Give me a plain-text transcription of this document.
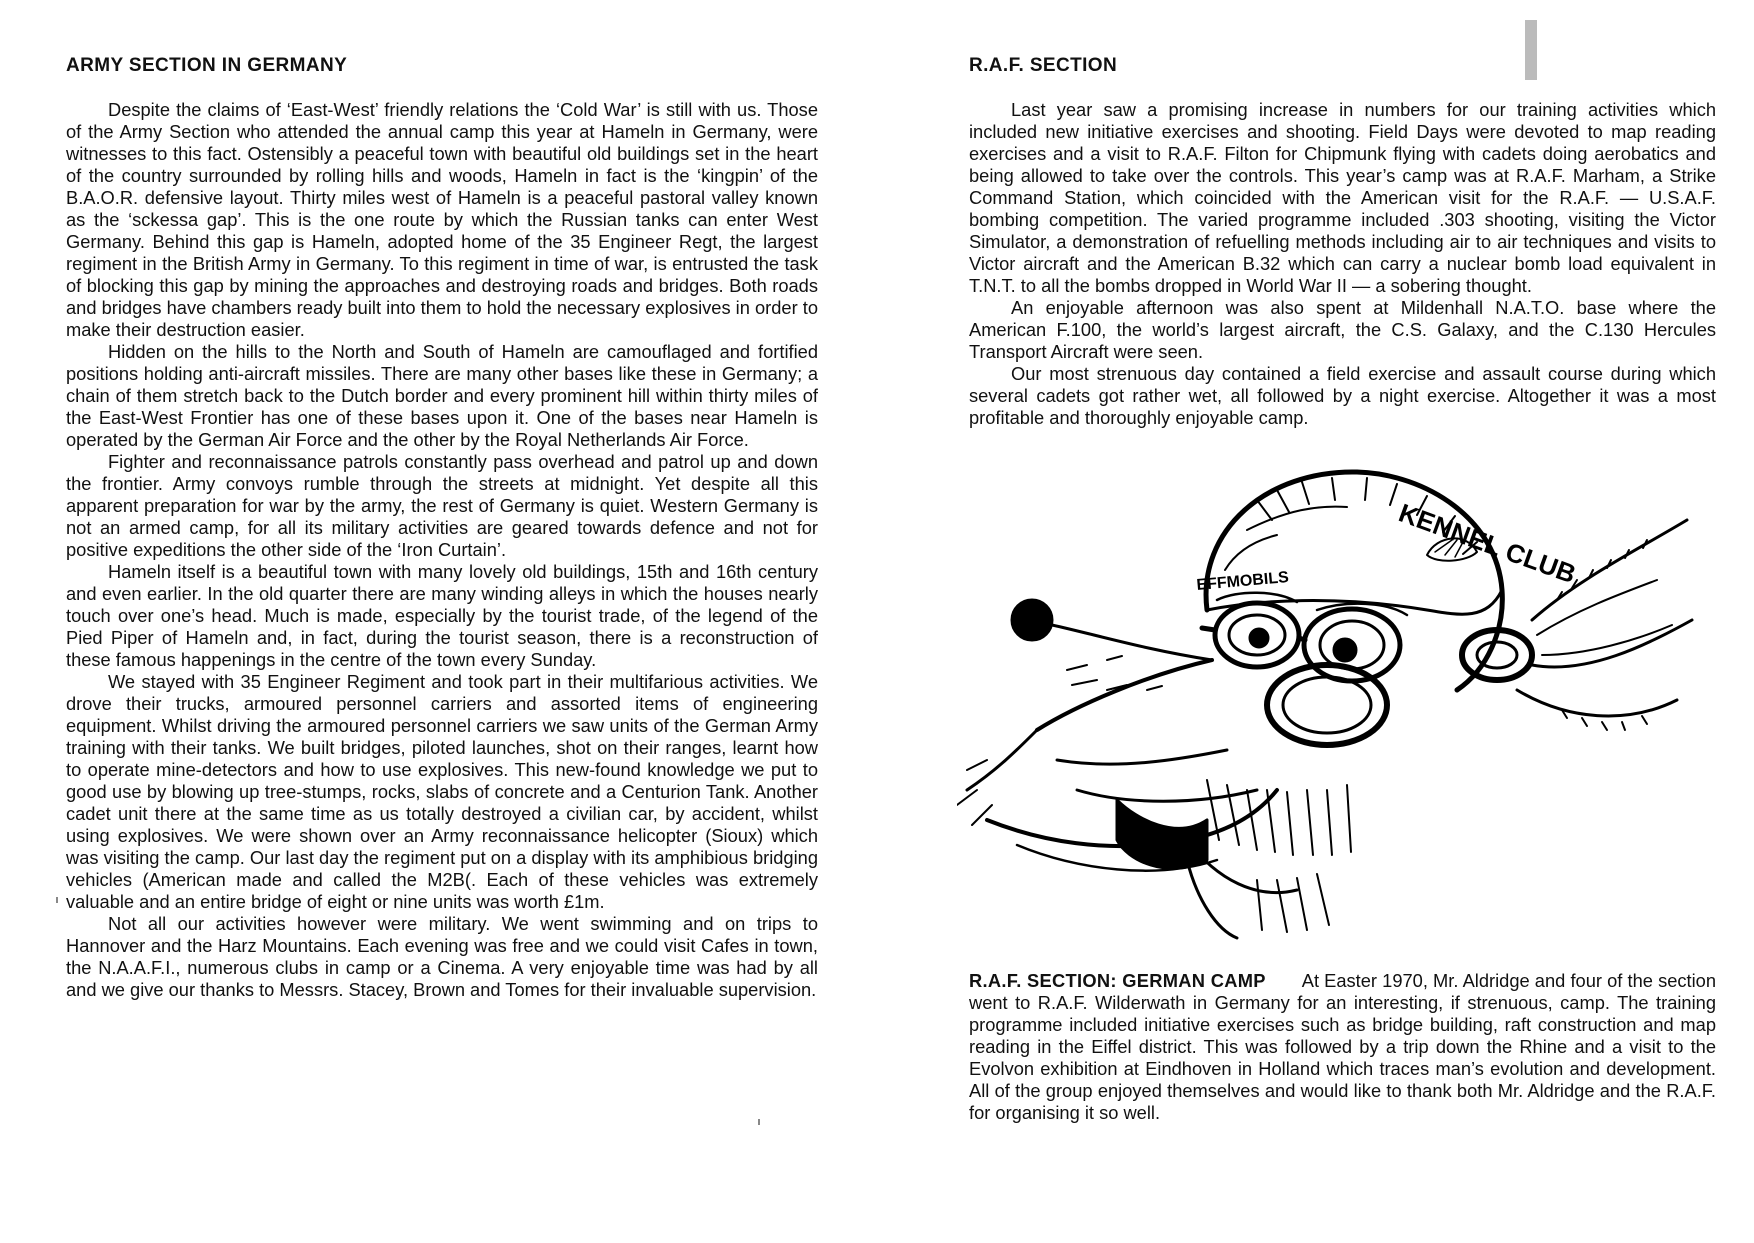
ARMY SECTION IN GERMANY

Despite the claims of ‘East-West’ friendly relations the ‘Cold War’ is still with us. Those of the Army Section who attended the annual camp this year at Hameln in Germany, were witnesses to this fact. Ostensibly a peaceful town with beautiful old buildings set in the heart of the country surrounded by rolling hills and woods, Hameln in fact is the ‘kingpin’ of the B.A.O.R. defensive layout. Thirty miles west of Hameln is a peaceful pastoral valley known as the ‘sckessa gap’. This is the one route by which the Russian tanks can enter West Germany. Behind this gap is Hameln, adopted home of the 35 Engineer Regt, the largest regiment in the British Army in Germany. To this regiment in time of war, is entrusted the task of blocking this gap by mining the approaches and destroying roads and bridges. Both roads and bridges have chambers ready built into them to hold the necessary explosives in order to make their destruction easier.

Hidden on the hills to the North and South of Hameln are camouflaged and fortified positions holding anti-aircraft missiles. There are many other bases like these in Germany; a chain of them stretch back to the Dutch border and every prominent hill within thirty miles of the East-West Frontier has one of these bases upon it. One of the bases near Hameln is operated by the German Air Force and the other by the Royal Netherlands Air Force.

Fighter and reconnaissance patrols constantly pass overhead and patrol up and down the frontier. Army convoys rumble through the streets at midnight. Yet despite all this apparent preparation for war by the army, the rest of Germany is quiet. Western Germany is not an armed camp, for all its military activities are geared towards defence and not for positive expeditions the other side of the ‘Iron Curtain’.

Hameln itself is a beautiful town with many lovely old buildings, 15th and 16th century and even earlier. In the old quarter there are many winding alleys in which the houses nearly touch over one’s head. Much is made, especially by the tourist trade, of the legend of the Pied Piper of Hameln and, in fact, during the tourist season, there is a reconstruction of these famous happenings in the centre of the town every Sunday.

We stayed with 35 Engineer Regiment and took part in their multifarious activities. We drove their trucks, armoured personnel carriers and assorted items of engineering equipment. Whilst driving the armoured personnel carriers we saw units of the German Army training with their tanks. We built bridges, piloted launches, shot on their ranges, learnt how to operate mine-detectors and how to use explosives. This new-found knowledge we put to good use by blowing up tree-stumps, rocks, slabs of concrete and a Centurion Tank. Another cadet unit there at the same time as us totally destroyed a civilian car, by accident, whilst using explosives. We were shown over an Army reconnaissance helicopter (Sioux) which was visiting the camp. Our last day the regiment put on a display with its amphibious bridging vehicles (American made and called the M2B(. Each of these vehicles was extremely valuable and an entire bridge of eight or nine units was worth £1m.

Not all our activities however were military. We went swimming and on trips to Hannover and the Harz Mountains. Each evening was free and we could visit Cafes in town, the N.A.A.F.I., numerous clubs in camp or a Cinema. A very enjoyable time was had by all and we give our thanks to Messrs. Stacey, Brown and Tomes for their invaluable supervision.

R.A.F. SECTION

Last year saw a promising increase in numbers for our training activities which included new initiative exercises and shooting. Field Days were devoted to map reading exercises and a visit to R.A.F. Filton for Chipmunk flying with cadets doing aerobatics and being allowed to take over the controls. This year’s camp was at R.A.F. Marham, a Strike Command Station, which coincided with the American visit for the R.A.F. — U.S.A.F. bombing competition. The varied programme included .303 shooting, visiting the Victor Simulator, a demonstration of refuelling methods including air to air techniques and visits to Victor aircraft and the American B.32 which can carry a nuclear bomb load equivalent in T.N.T. to all the bombs dropped in World War II — a sobering thought.

An enjoyable afternoon was also spent at Mildenhall N.A.T.O. base where the American F.100, the world’s largest aircraft, the C.S. Galaxy, and the C.130 Hercules Transport Aircraft were seen.

Our most strenuous day contained a field exercise and assault course during which several cadets got rather wet, all followed by a night exercise. Altogether it was a most profitable and thoroughly enjoyable camp.

KENNEL CLUB
EFFMOBILS

R.A.F. SECTION: GERMAN CAMP At Easter 1970, Mr. Aldridge and four of the section went to R.A.F. Wilderwath in Germany for an interesting, if strenuous, camp. The training programme included initiative exercises such as bridge building, raft construction and map reading in the Eiffel district. This was followed by a trip down the Rhine and a visit to the Evolvon exhibition at Eindhoven in Holland which traces man’s evolution and development. All of the group enjoyed themselves and would like to thank both Mr. Aldridge and the R.A.F. for organising it so well.
